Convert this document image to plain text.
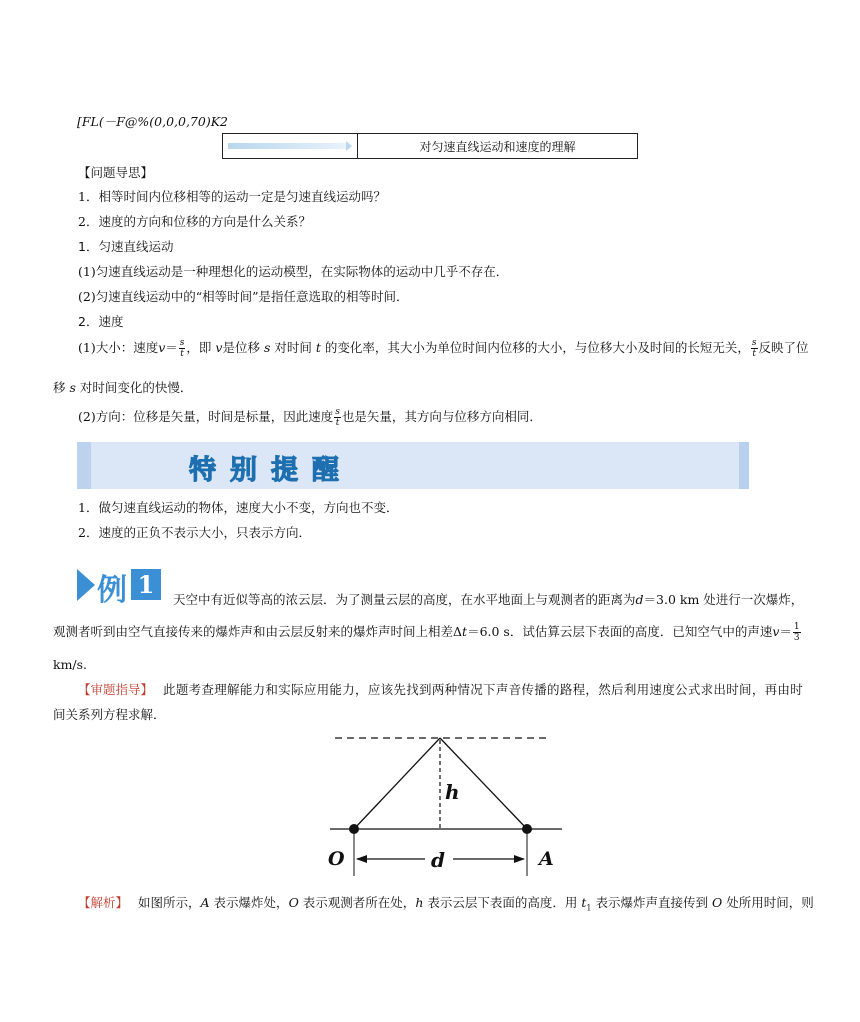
[FL(－F@%(0,0,0,70)K2
对匀速直线运动和速度的理解
【问题导思】
1．相等时间内位移相等的运动一定是匀速直线运动吗？
2．速度的方向和位移的方向是什么关系？
1．匀速直线运动
(1)匀速直线运动是一种理想化的运动模型，在实际物体的运动中几乎不存在．
(2)匀速直线运动中的“相等时间”是指任意选取的相等时间．
2．速度
(1)大小：速度$v= \frac{s}{t}$ ，即 v是位移 s 对时间 t 的变化率，其大小为单位时间内位移的大小，与位移大小及时间的长短无关， $\frac{s}{t}$ 反映了位
移 s 对时间变化的快慢．
(2)方向：位移是矢量，时间是标量，因此速度 $\frac{s}{t}$ 也是矢量，其方向与位移方向相同．
特别提醒
1．做匀速直线运动的物体，速度大小不变，方向也不变．
2．速度的正负不表示大小，只表示方向．
例 1
天空中有近似等高的浓云层．为了测量云层的高度，在水平地面上与观测者的距离为d＝3.0 km 处进行一次爆炸，
观测者听到由空气直接传来的爆炸声和由云层反射来的爆炸声时间上相差Δt＝6.0 s．试估算云层下表面的高度．已知空气中的声速$v= \frac{1}{3}$
km/s.
【审题指导】 此题考查理解能力和实际应用能力，应该先找到两种情况下声音传播的路程，然后利用速度公式求出时间，再由时
间关系列方程求解．
h
d
O	A
【解析】 如图所示，A 表示爆炸处，O 表示观测者所在处，h 表示云层下表面的高度．用 $t_1$ 表示爆炸声直接传到 O 处所用时间，则
